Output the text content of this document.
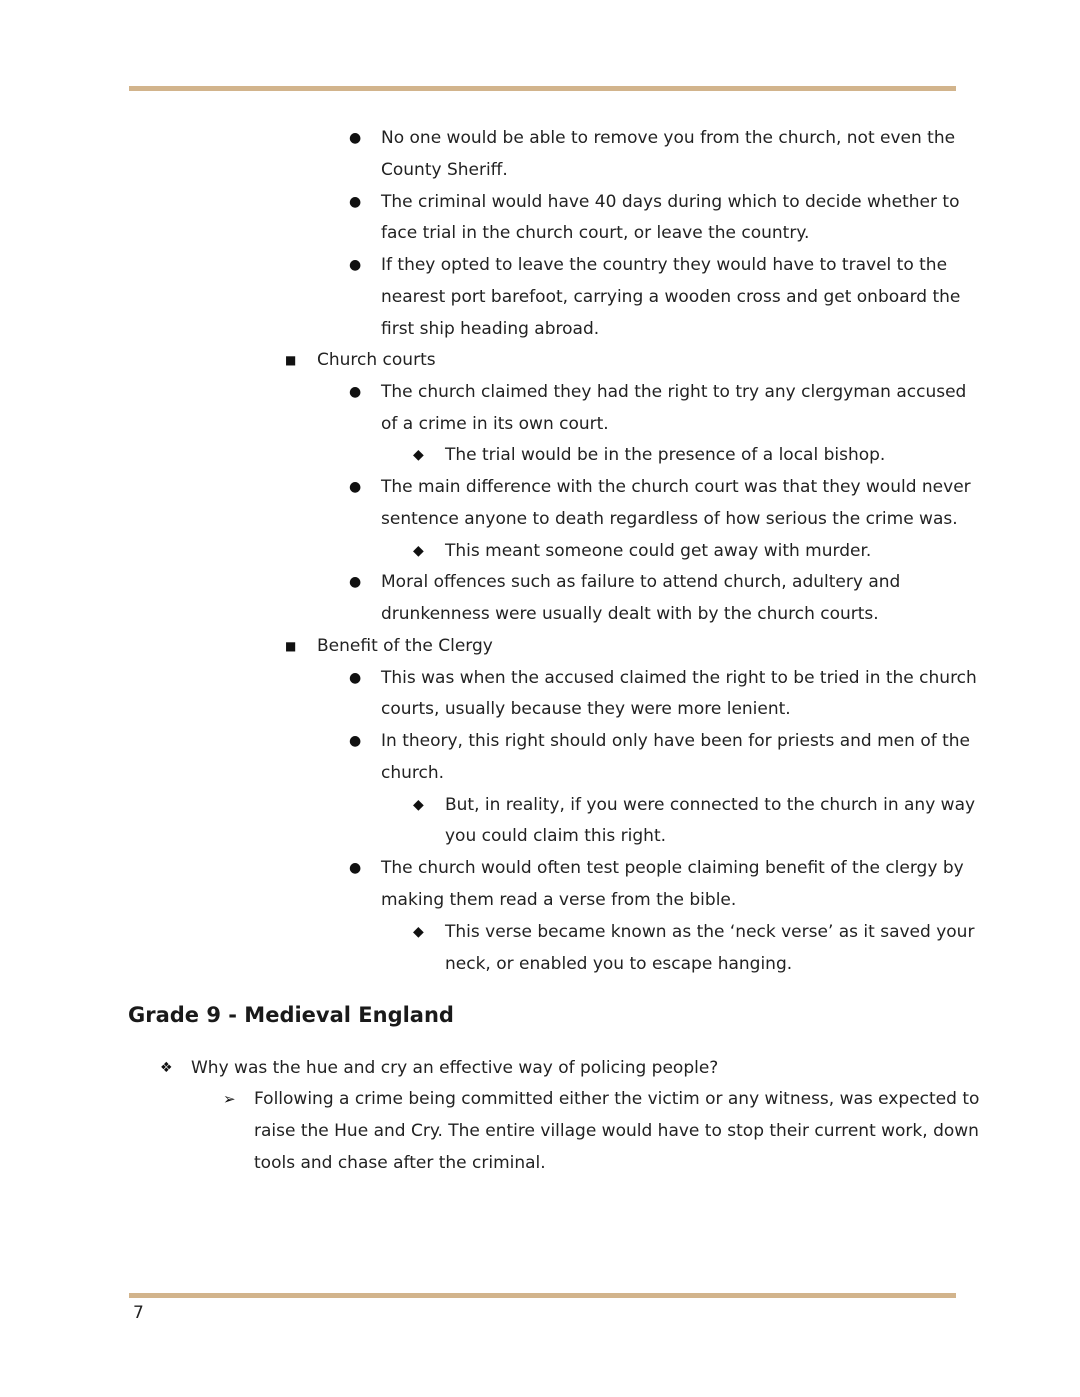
● No one would be able to remove you from the church, not even the
County Sheriff.
● The criminal would have 40 days during which to decide whether to
face trial in the church court, or leave the country.
● If they opted to leave the country they would have to travel to the
nearest port barefoot, carrying a wooden cross and get onboard the
first ship heading abroad.
■ Church courts
● The church claimed they had the right to try any clergyman accused
of a crime in its own court.
◆ The trial would be in the presence of a local bishop.
● The main difference with the church court was that they would never
sentence anyone to death regardless of how serious the crime was.
◆ This meant someone could get away with murder.
● Moral offences such as failure to attend church, adultery and
drunkenness were usually dealt with by the church courts.
■ Benefit of the Clergy
● This was when the accused claimed the right to be tried in the church
courts, usually because they were more lenient.
● In theory, this right should only have been for priests and men of the
church.
◆ But, in reality, if you were connected to the church in any way
you could claim this right.
● The church would often test people claiming benefit of the clergy by
making them read a verse from the bible.
◆ This verse became known as the ‘neck verse’ as it saved your
neck, or enabled you to escape hanging.
Grade 9 - Medieval England
❖ Why was the hue and cry an effective way of policing people?
➢ Following a crime being committed either the victim or any witness, was expected to
raise the Hue and Cry. The entire village would have to stop their current work, down
tools and chase after the criminal.
7
